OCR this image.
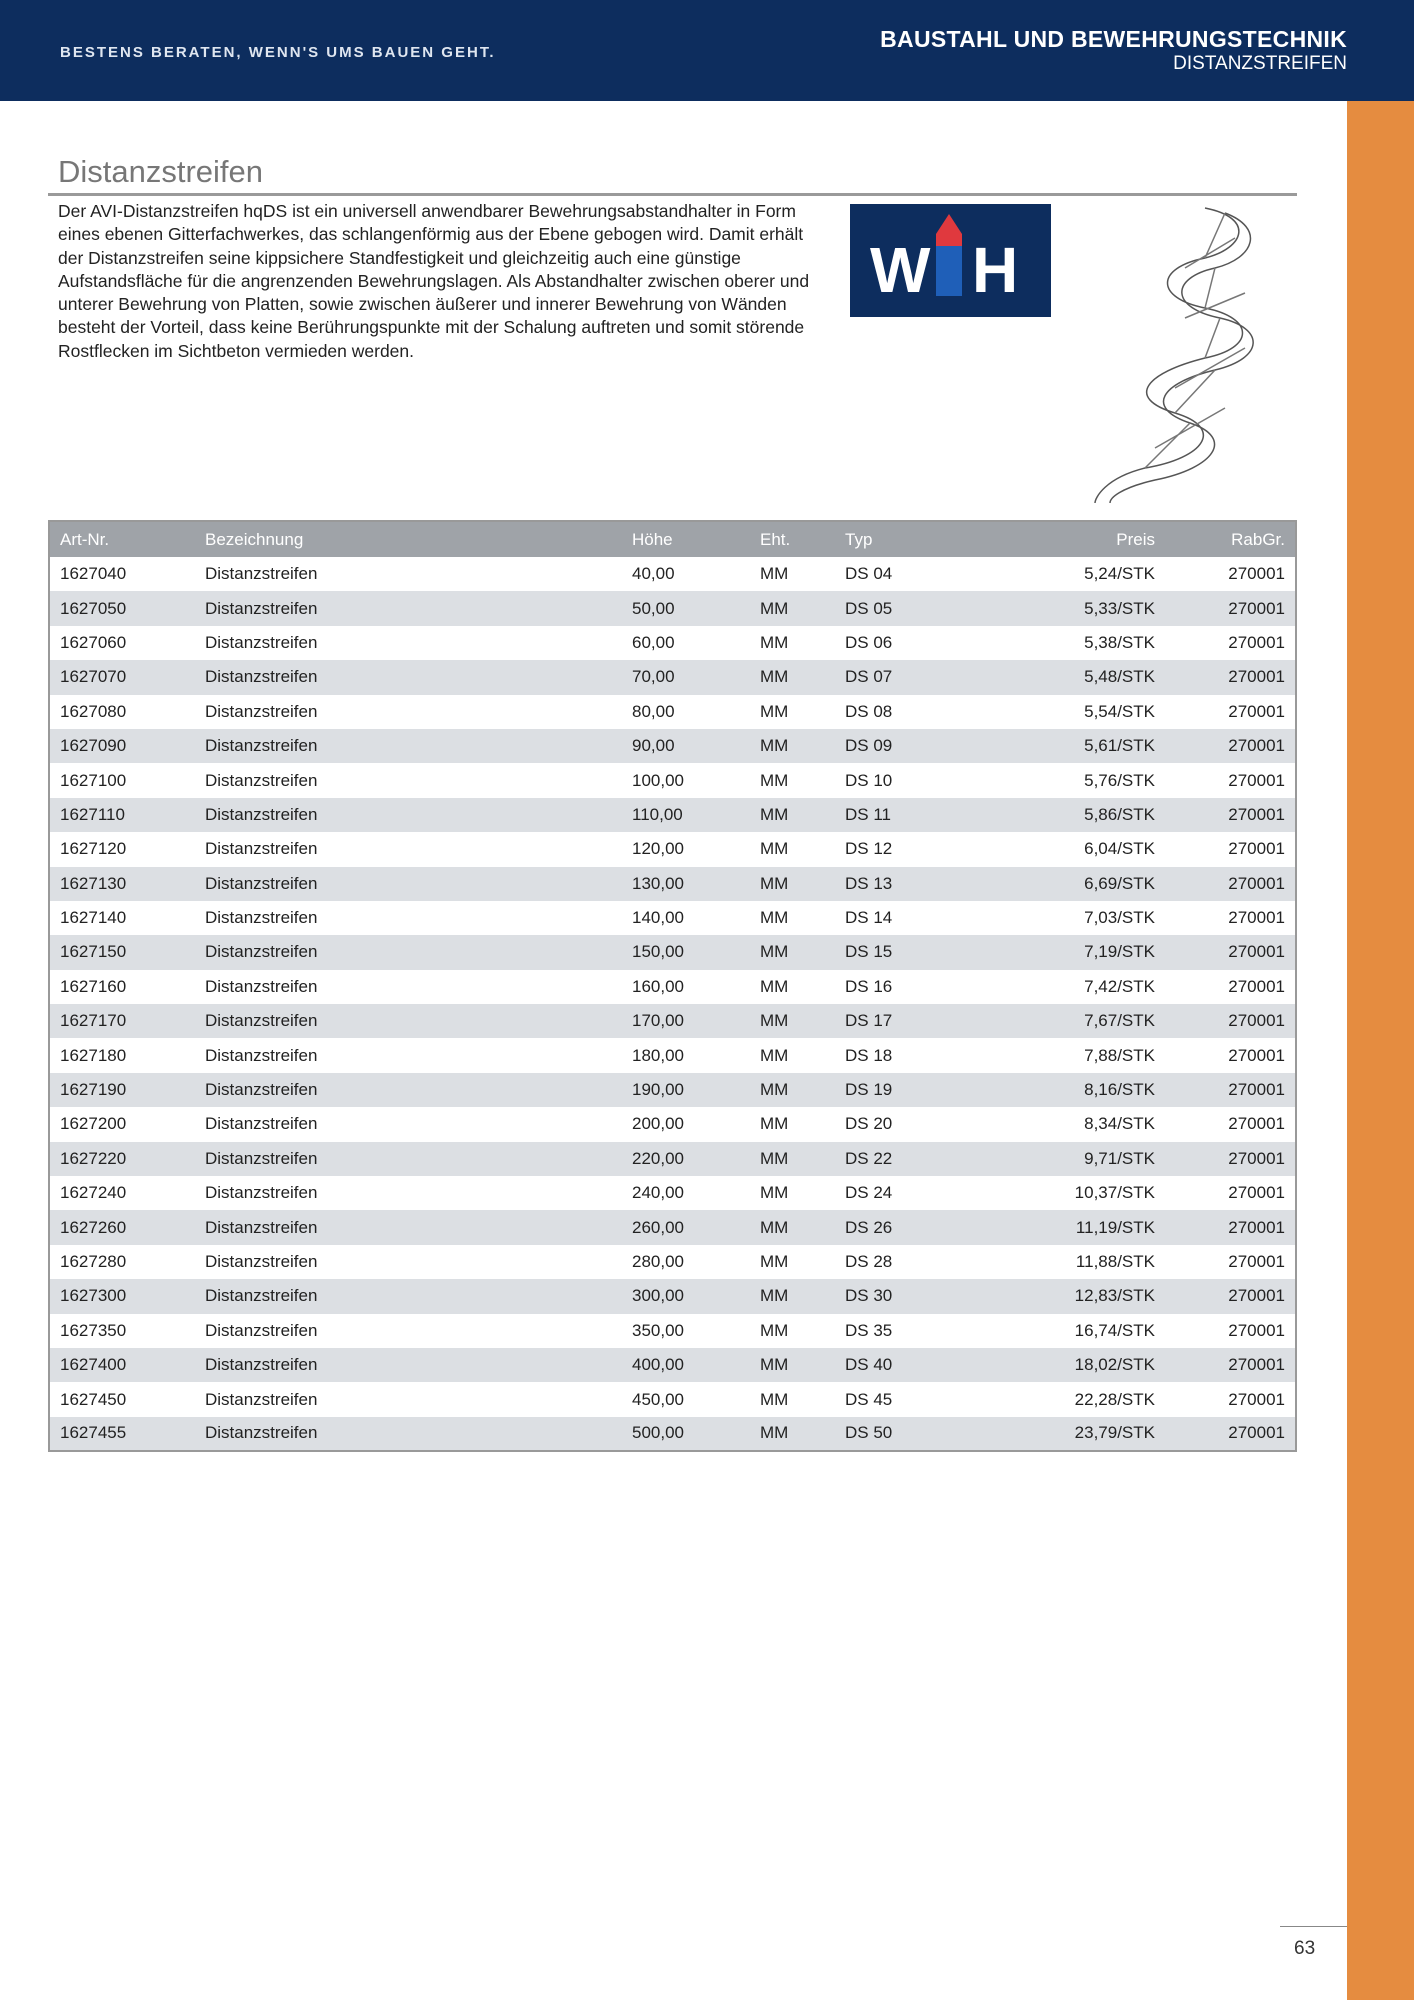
BESTENS BERATEN, WENN'S UMS BAUEN GEHT.
BAUSTAHL UND BEWEHRUNGSTECHNIK
DISTANZSTREIFEN
Distanzstreifen

Der AVI-Distanzstreifen hqDS ist ein universell anwendbarer Bewehrungsabstandhalter in Form eines ebenen Gitterfachwerkes, das schlangenförmig aus der Ebene gebogen wird. Damit erhält der Distanzstreifen seine kippsichere Standfestigkeit und gleichzeitig auch eine günstige Aufstandsfläche für die angrenzenden Bewehrungslagen. Als Abstandhalter zwischen oberer und unterer Bewehrung von Platten, sowie zwischen äußerer und innerer Bewehrung von Wänden besteht der Vorteil, dass keine Berührungspunkte mit der Schalung auftreten und somit störende Rostflecken im Sichtbeton vermieden werden.

W H
Art-Nr.	Bezeichnung	Höhe	Eht.	Typ	Preis	RabGr.
1627040	Distanzstreifen	40,00	MM	DS 04	5,24/STK	270001
1627050	Distanzstreifen	50,00	MM	DS 05	5,33/STK	270001
1627060	Distanzstreifen	60,00	MM	DS 06	5,38/STK	270001
1627070	Distanzstreifen	70,00	MM	DS 07	5,48/STK	270001
1627080	Distanzstreifen	80,00	MM	DS 08	5,54/STK	270001
1627090	Distanzstreifen	90,00	MM	DS 09	5,61/STK	270001
1627100	Distanzstreifen	100,00	MM	DS 10	5,76/STK	270001
1627110	Distanzstreifen	110,00	MM	DS 11	5,86/STK	270001
1627120	Distanzstreifen	120,00	MM	DS 12	6,04/STK	270001
1627130	Distanzstreifen	130,00	MM	DS 13	6,69/STK	270001
1627140	Distanzstreifen	140,00	MM	DS 14	7,03/STK	270001
1627150	Distanzstreifen	150,00	MM	DS 15	7,19/STK	270001
1627160	Distanzstreifen	160,00	MM	DS 16	7,42/STK	270001
1627170	Distanzstreifen	170,00	MM	DS 17	7,67/STK	270001
1627180	Distanzstreifen	180,00	MM	DS 18	7,88/STK	270001
1627190	Distanzstreifen	190,00	MM	DS 19	8,16/STK	270001
1627200	Distanzstreifen	200,00	MM	DS 20	8,34/STK	270001
1627220	Distanzstreifen	220,00	MM	DS 22	9,71/STK	270001
1627240	Distanzstreifen	240,00	MM	DS 24	10,37/STK	270001
1627260	Distanzstreifen	260,00	MM	DS 26	11,19/STK	270001
1627280	Distanzstreifen	280,00	MM	DS 28	11,88/STK	270001
1627300	Distanzstreifen	300,00	MM	DS 30	12,83/STK	270001
1627350	Distanzstreifen	350,00	MM	DS 35	16,74/STK	270001
1627400	Distanzstreifen	400,00	MM	DS 40	18,02/STK	270001
1627450	Distanzstreifen	450,00	MM	DS 45	22,28/STK	270001
1627455	Distanzstreifen	500,00	MM	DS 50	23,79/STK	270001
63
